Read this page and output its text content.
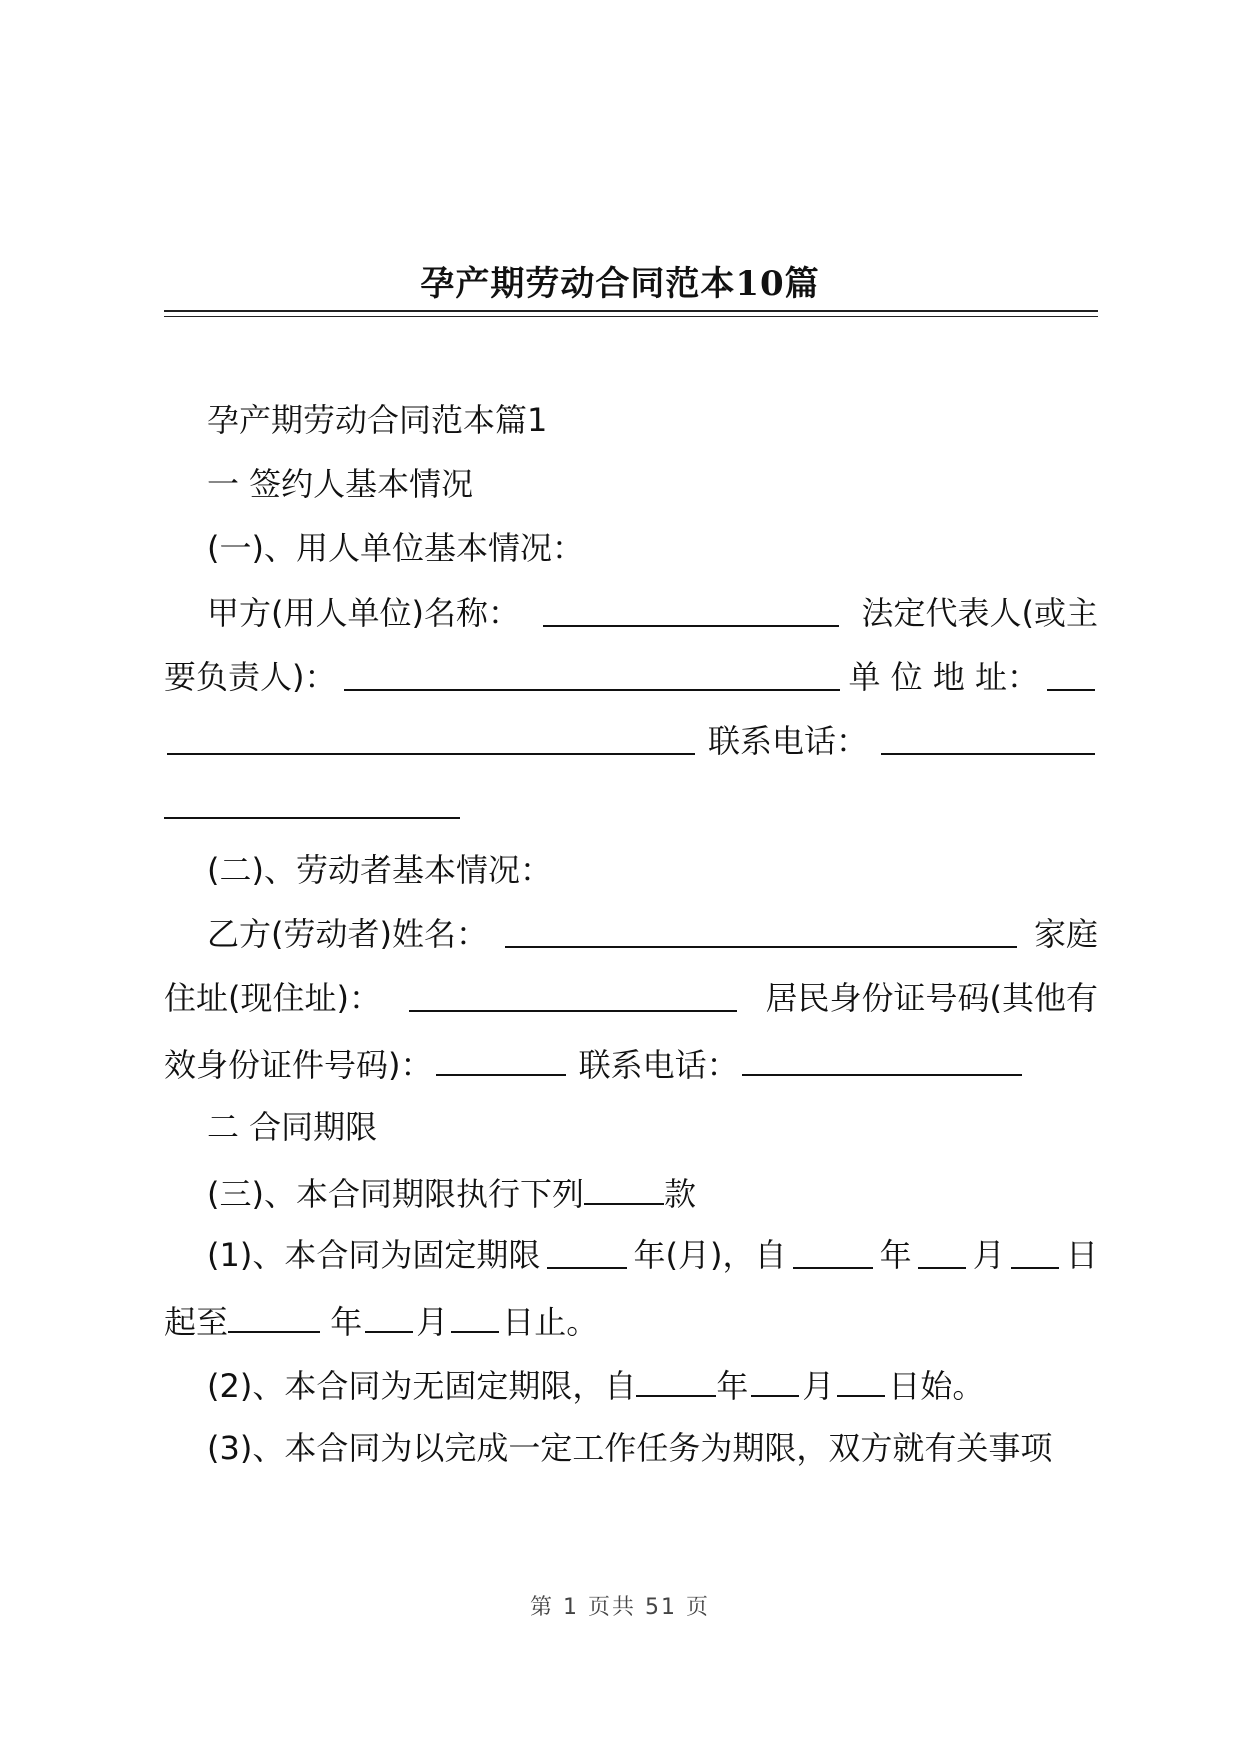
孕产期劳动合同范本10篇
孕产期劳动合同范本篇1
一 签约人基本情况
(一)、用人单位基本情况：
甲方(用人单位)名称：	法定代表人(或主
要负责人)：	单 位 地 址：
联系电话：
(二)、劳动者基本情况：
乙方(劳动者)姓名：	家庭
住址(现住址)：	居民身份证号码(其他有
效身份证件号码)：	联系电话：
二 合同期限
(三)、本合同期限执行下列	款
(1)、本合同为固定期限	年(月)，自	年 月 日
起至	年 月 日止。
(2)、本合同为无固定期限，自	年 月 日始。
(3)、本合同为以完成一定工作任务为期限，双方就有关事项
第 1 页共 51 页
